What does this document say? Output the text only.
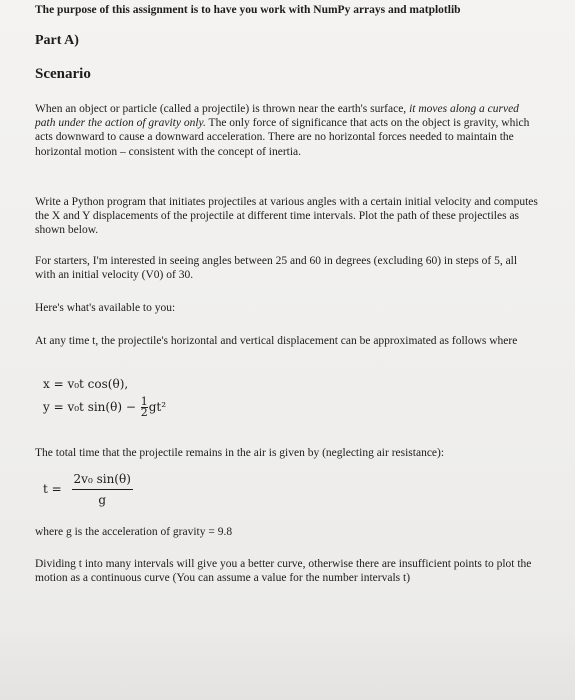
The purpose of this assignment is to have you work with NumPy arrays and matplotlib
Part A)
Scenario

When an object or particle (called a projectile) is thrown near the earth's surface, it moves along a curved path under the action of gravity only. The only force of significance that acts on the object is gravity, which acts downward to cause a downward acceleration. There are no horizontal forces needed to maintain the horizontal motion – consistent with the concept of inertia.

Write a Python program that initiates projectiles at various angles with a certain initial velocity and computes the X and Y displacements of the projectile at different time intervals. Plot the path of these projectiles as shown below.

For starters, I'm interested in seeing angles between 25 and 60 in degrees (excluding 60) in steps of 5, all with an initial velocity (V0) of 30.

Here's what's available to you:

At any time t, the projectile's horizontal and vertical displacement can be approximated as follows where

x = v₀t cos(θ),
y = v₀t $\sin(\theta) - \frac{1}{2} gt^2$

The total time that the projectile remains in the air is given by (neglecting air resistance):

$t = \frac{\text{2v₀ sin(θ)}}{g}$

where g is the acceleration of gravity = 9.8

Dividing t into many intervals will give you a better curve, otherwise there are insufficient points to plot the motion as a continuous curve (You can assume a value for the number intervals t)
